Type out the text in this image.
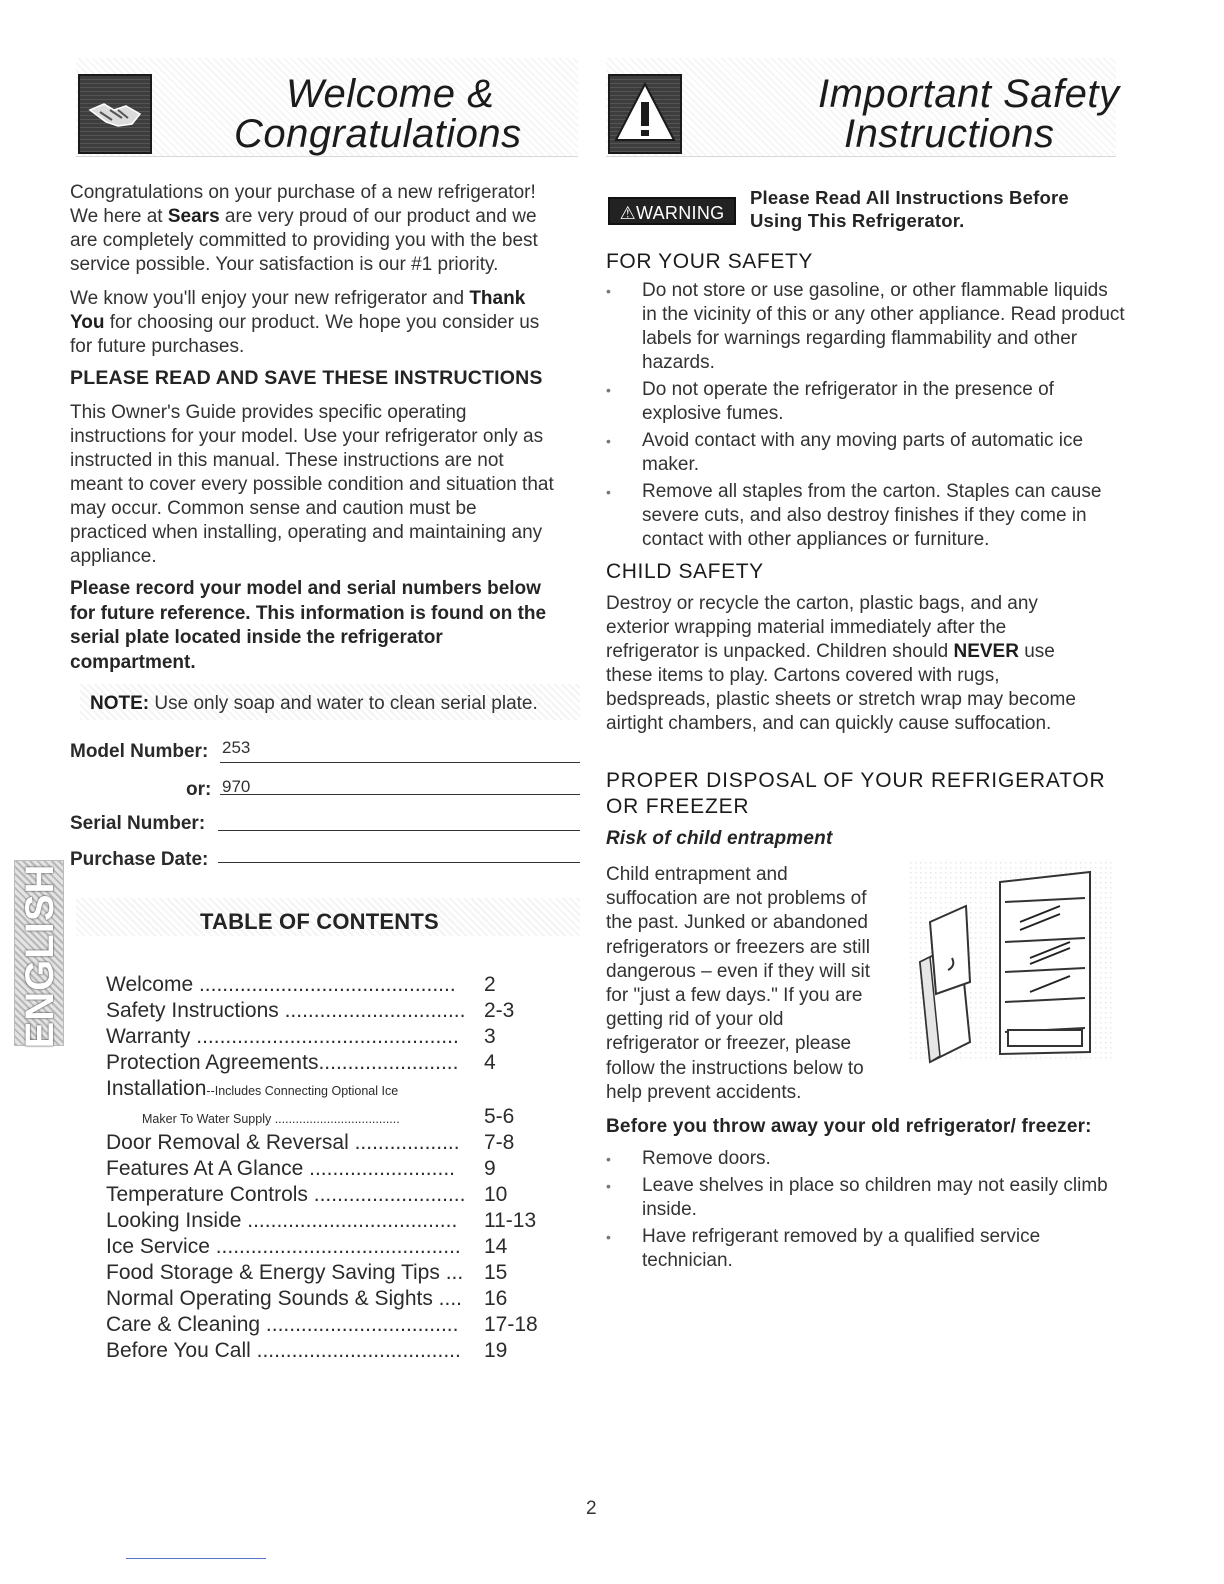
Welcome &
Congratulations
Important Safety
Instructions
Congratulations on your purchase of a new refrigerator!
We here at Sears are very proud of our product and we
are completely committed to providing you with the best
service possible. Your satisfaction is our #1 priority.
We know you'll enjoy your new refrigerator and Thank
You for choosing our product. We hope you consider us
for future purchases.
PLEASE READ AND SAVE THESE INSTRUCTIONS
This Owner's Guide provides specific operating
instructions for your model. Use your refrigerator only as
instructed in this manual. These instructions are not
meant to cover every possible condition and situation that
may occur. Common sense and caution must be
practiced when installing, operating and maintaining any
appliance.
Please record your model and serial numbers below
for future reference. This information is found on the
serial plate located inside the refrigerator
compartment.
NOTE: Use only soap and water to clean serial plate.
Model Number: 253
or: 970
Serial Number:
Purchase Date:
ENGLISH	TABLE OF CONTENTS
Welcome ............................................ 2
Safety Instructions ............................... 2-3
Warranty ............................................. 3
Protection Agreements........................ 4
Installation--Includes Connecting Optional Ice
Door Removal & Reversal .................. 7-8
Features At A Glance ......................... 9
Temperature Controls .......................... 10
Looking Inside .................................... 11-13
Ice Service .......................................... 14
Food Storage & Energy Saving Tips ... 15
Normal Operating Sounds & Sights .... 16
Care & Cleaning ................................. 17-18
Before You Call ................................... 19
Maker To Water Supply ....................................	5-6
⚠WARNING
Please Read All Instructions Before
Using This Refrigerator.
FOR YOUR SAFETY
• Do not store or use gasoline, or other flammable liquids
in the vicinity of this or any other appliance. Read product
labels for warnings regarding flammability and other
hazards.
• Do not operate the refrigerator in the presence of
explosive fumes.
• Avoid contact with any moving parts of automatic ice
maker.
• Remove all staples from the carton. Staples can cause
severe cuts, and also destroy finishes if they come in
contact with other appliances or furniture.
CHILD SAFETY
Destroy or recycle the carton, plastic bags, and any
exterior wrapping material immediately after the
refrigerator is unpacked. Children should NEVER use
these items to play. Cartons covered with rugs,
bedspreads, plastic sheets or stretch wrap may become
airtight chambers, and can quickly cause suffocation.
PROPER DISPOSAL OF YOUR REFRIGERATOR
OR FREEZER
Risk of child entrapment
Child entrapment and
suffocation are not problems of
the past. Junked or abandoned
refrigerators or freezers are still
dangerous – even if they will sit
for "just a few days." If you are
getting rid of your old
refrigerator or freezer, please
follow the instructions below to
help prevent accidents.
Before you throw away your old refrigerator/ freezer:
• Remove doors.
• Leave shelves in place so children may not easily climb
inside.
• Have refrigerant removed by a qualified service
technician.
2
